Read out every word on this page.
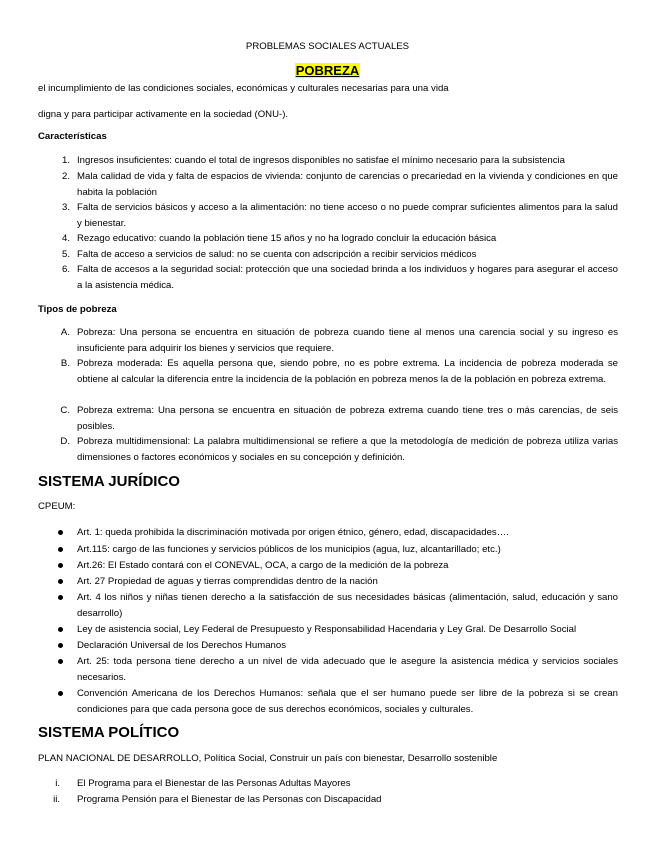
PROBLEMAS SOCIALES ACTUALES
POBREZA
el incumplimiento de las condiciones sociales, económicas y culturales necesarias para una vida
digna y para participar activamente en la sociedad (ONU-).
Características
1. Ingresos insuficientes: cuando el total de ingresos disponibles no satisfae el mínimo necesario para la subsistencia
2. Mala calidad de vida y falta de espacios de vivienda: conjunto de carencias o precariedad en la vivienda y condiciones en que habita la población
3. Falta de servicios básicos y acceso a la alimentación: no tiene acceso o no puede comprar suficientes alimentos para la salud y bienestar.
4. Rezago educativo: cuando la población tiene 15 años y no ha logrado concluir la educación básica
5. Falta de acceso a servicios de salud: no se cuenta con adscripción a recibir servicios médicos
6. Falta de accesos a la seguridad social: protección que una sociedad brinda a los individuos y hogares para asegurar el acceso a la asistencia médica.
Tipos de pobreza
A. Pobreza: Una persona se encuentra en situación de pobreza cuando tiene al menos una carencia social y su ingreso es insuficiente para adquirir los bienes y servicios que requiere.
B. Pobreza moderada: Es aquella persona que, siendo pobre, no es pobre extrema. La incidencia de pobreza moderada se obtiene al calcular la diferencia entre la incidencia de la población en pobreza menos la de la población en pobreza extrema.
C. Pobreza extrema: Una persona se encuentra en situación de pobreza extrema cuando tiene tres o más carencias, de seis posibles.
D. Pobreza multidimensional: La palabra multidimensional se refiere a que la metodología de medición de pobreza utiliza varias dimensiones o factores económicos y sociales en su concepción y definición.
SISTEMA JURÍDICO
CPEUM:
Art. 1: queda prohibida la discriminación motivada por origen étnico, género, edad, discapacidades….
Art.115: cargo de las funciones y servicios públicos de los municipios (agua, luz, alcantarillado; etc.)
Art.26: El Estado contará con el CONEVAL, OCA, a cargo de la medición de la pobreza
Art. 27 Propiedad de aguas y tierras comprendidas dentro de la nación
Art. 4 los niños y niñas tienen derecho a la satisfacción de sus necesidades básicas (alimentación, salud, educación y sano desarrollo)
Ley de asistencia social, Ley Federal de Presupuesto y Responsabilidad Hacendaria y Ley Gral. De Desarrollo Social
Declaración Universal de los Derechos Humanos
Art. 25: toda persona tiene derecho a un nivel de vida adecuado que le asegure la asistencia médica y servicios sociales necesarios.
Convención Americana de los Derechos Humanos: señala que el ser humano puede ser libre de la pobreza si se crean condiciones para que cada persona goce de sus derechos económicos, sociales y culturales.
SISTEMA POLÍTICO
PLAN NACIONAL DE DESARROLLO, Política Social, Construir un país con bienestar, Desarrollo sostenible
i. El Programa para el Bienestar de las Personas Adultas Mayores
ii. Programa Pensión para el Bienestar de las Personas con Discapacidad
